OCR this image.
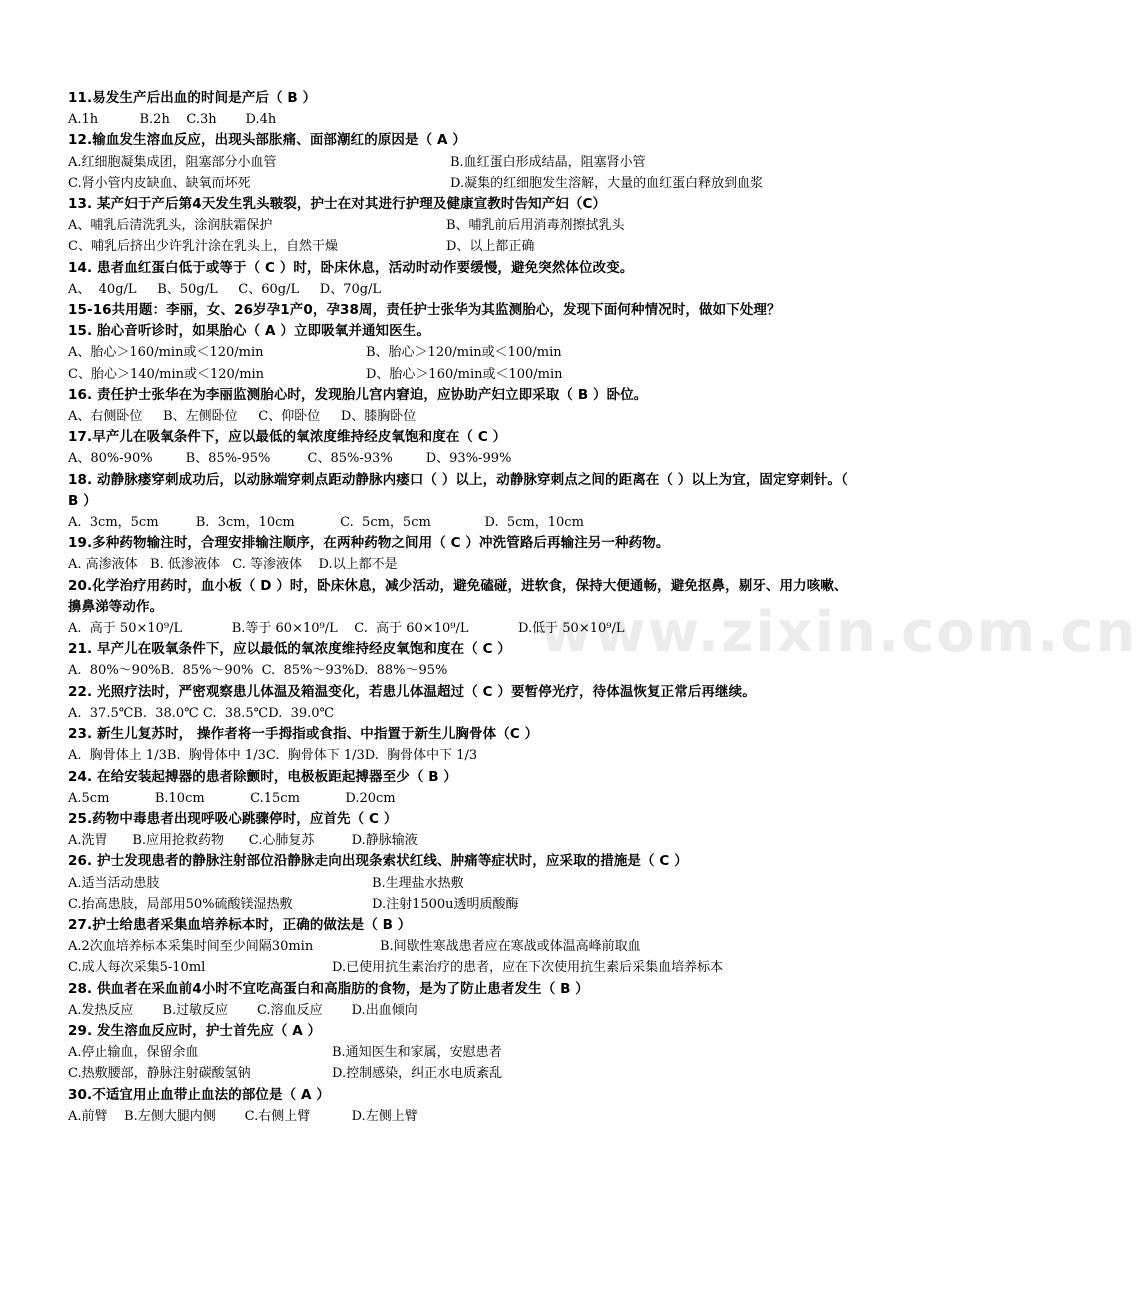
www.zixin.com.cn
11.易发生产后出血的时间是产后（ B ）
A.1h          B.2h    C.3h       D.4h
12.输血发生溶血反应，出现头部胀痛、面部潮红的原因是（ A ）
A.红细胞凝集成团，阻塞部分小血管	B.血红蛋白形成结晶，阻塞肾小管
C.肾小管内皮缺血、缺氧而坏死	D.凝集的红细胞发生溶解，大量的血红蛋白释放到血浆
13. 某产妇于产后第4天发生乳头皲裂，护士在对其进行护理及健康宣教时告知产妇（C）
A、哺乳后清洗乳头，涂润肤霜保护	B、哺乳前后用消毒剂擦拭乳头
C、哺乳后挤出少许乳汁涂在乳头上，自然干燥	D、以上都正确
14. 患者血红蛋白低于或等于（ C ）时，卧床休息，活动时动作要缓慢，避免突然体位改变。
A、  40g/L     B、50g/L     C、60g/L     D、70g/L
15-16共用题：李丽，女、26岁孕1产0，孕38周，责任护士张华为其监测胎心，发现下面何种情况时，做如下处理？
15. 胎心音听诊时，如果胎心（ A ）立即吸氧并通知医生。
A、胎心＞160/min或＜120/min	B、胎心＞120/min或＜100/min
C、胎心＞140/min或＜120/min	D、胎心＞160/min或＜100/min
16. 责任护士张华在为李丽监测胎心时，发现胎儿宫内窘迫，应协助产妇立即采取（ B ）卧位。
A、右侧卧位     B、左侧卧位     C、仰卧位     D、膝胸卧位
17.早产儿在吸氧条件下，应以最低的氧浓度维持经皮氧饱和度在（ C ）
A、80%-90%        B、85%-95%         C、85%-93%        D、93%-99%
18. 动静脉瘘穿刺成功后，以动脉端穿刺点距动静脉内瘘口（ ）以上，动静脉穿刺点之间的距离在（ ）以上为宜，固定穿刺针。（ B ）
A.  3cm，5cm         B.  3cm，10cm           C.  5cm，5cm             D.  5cm，10cm
19.多种药物输注时，合理安排输注顺序，在两种药物之间用（ C ）冲洗管路后再输注另一种药物。
A. 高渗液体   B. 低渗液体   C. 等渗液体    D.以上都不是
20.化学治疗用药时，血小板（ D ）时，卧床休息，减少活动，避免磕碰，进软食，保持大便通畅，避免抠鼻，剔牙、用力咳嗽、擤鼻涕等动作。
A.  高于 50×10⁹/L            B.等于 60×10⁹/L    C.  高于 60×10⁹/L            D.低于 50×10⁹/L
21. 早产儿在吸氧条件下，应以最低的氧浓度维持经皮氧饱和度在（ C ）
A.  80%～90%B.  85%～90%  C.  85%～93%D.  88%～95%
22. 光照疗法时，严密观察患儿体温及箱温变化，若患儿体温超过（ C ）要暂停光疗，待体温恢复正常后再继续。
A.  37.5℃B.  38.0℃ C.  38.5℃D.  39.0℃
23. 新生儿复苏时， 操作者将一手拇指或食指、中指置于新生儿胸骨体（C ）
A.  胸骨体上 1/3B.  胸骨体中 1/3C.  胸骨体下 1/3D.  胸骨体中下 1/3
24. 在给安装起搏器的患者除颤时，电极板距起搏器至少（ B ）
A.5cm           B.10cm           C.15cm           D.20cm
25.药物中毒患者出现呼吸心跳骤停时，应首先（ C ）
A.洗胃      B.应用抢救药物      C.心肺复苏         D.静脉输液
26. 护士发现患者的静脉注射部位沿静脉走向出现条索状红线、肿痛等症状时，应采取的措施是（ C ）
A.适当活动患肢	B.生理盐水热敷
C.抬高患肢，局部用50%硫酸镁湿热敷	D.注射1500u透明质酸酶
27.护士给患者采集血培养标本时，正确的做法是（ B ）
A.2次血培养标本采集时间至少间隔30min	B.间歇性寒战患者应在寒战或体温高峰前取血
C.成人每次采集5-10ml	D.已使用抗生素治疗的患者，应在下次使用抗生素后采集血培养标本
28. 供血者在采血前4小时不宜吃高蛋白和高脂肪的食物，是为了防止患者发生（ B ）
A.发热反应       B.过敏反应       C.溶血反应       D.出血倾向
29. 发生溶血反应时，护士首先应（ A ）
A.停止输血，保留余血	B.通知医生和家属，安慰患者
C.热敷腰部，静脉注射碳酸氢钠	D.控制感染，纠正水电质紊乱
30.不适宜用止血带止血法的部位是（ A ）
A.前臂    B.左侧大腿内侧       C.右侧上臂          D.左侧上臂
